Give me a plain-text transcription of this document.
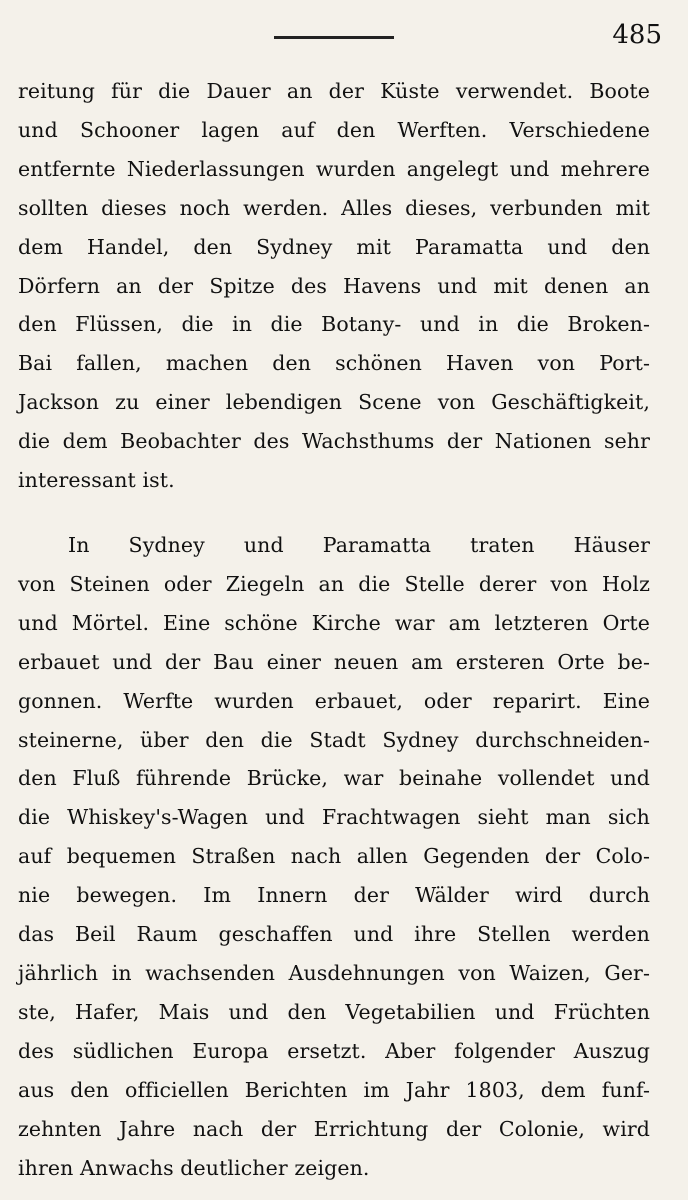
485
reitung für die Dauer an der Küste verwendet. Boote
und Schooner lagen auf den Werften. Verschiedene
entfernte Niederlassungen wurden angelegt und mehrere
sollten dieses noch werden. Alles dieses, verbunden mit
dem Handel, den Sydney mit Paramatta und den
Dörfern an der Spitze des Havens und mit denen an
den Flüssen, die in die Botany- und in die Broken-
Bai fallen, machen den schönen Haven von Port-
Jackson zu einer lebendigen Scene von Geschäftigkeit,
die dem Beobachter des Wachsthums der Nationen sehr
interessant ist.
In Sydney und Paramatta traten Häuser
von Steinen oder Ziegeln an die Stelle derer von Holz
und Mörtel. Eine schöne Kirche war am letzteren Orte
erbauet und der Bau einer neuen am ersteren Orte be-
gonnen. Werfte wurden erbauet, oder reparirt. Eine
steinerne, über den die Stadt Sydney durchschneiden-
den Fluß führende Brücke, war beinahe vollendet und
die Whiskey's-Wagen und Frachtwagen sieht man sich
auf bequemen Straßen nach allen Gegenden der Colo-
nie bewegen. Im Innern der Wälder wird durch
das Beil Raum geschaffen und ihre Stellen werden
jährlich in wachsenden Ausdehnungen von Waizen, Ger-
ste, Hafer, Mais und den Vegetabilien und Früchten
des südlichen Europa ersetzt. Aber folgender Auszug
aus den officiellen Berichten im Jahr 1803, dem funf-
zehnten Jahre nach der Errichtung der Colonie, wird
ihren Anwachs deutlicher zeigen.
